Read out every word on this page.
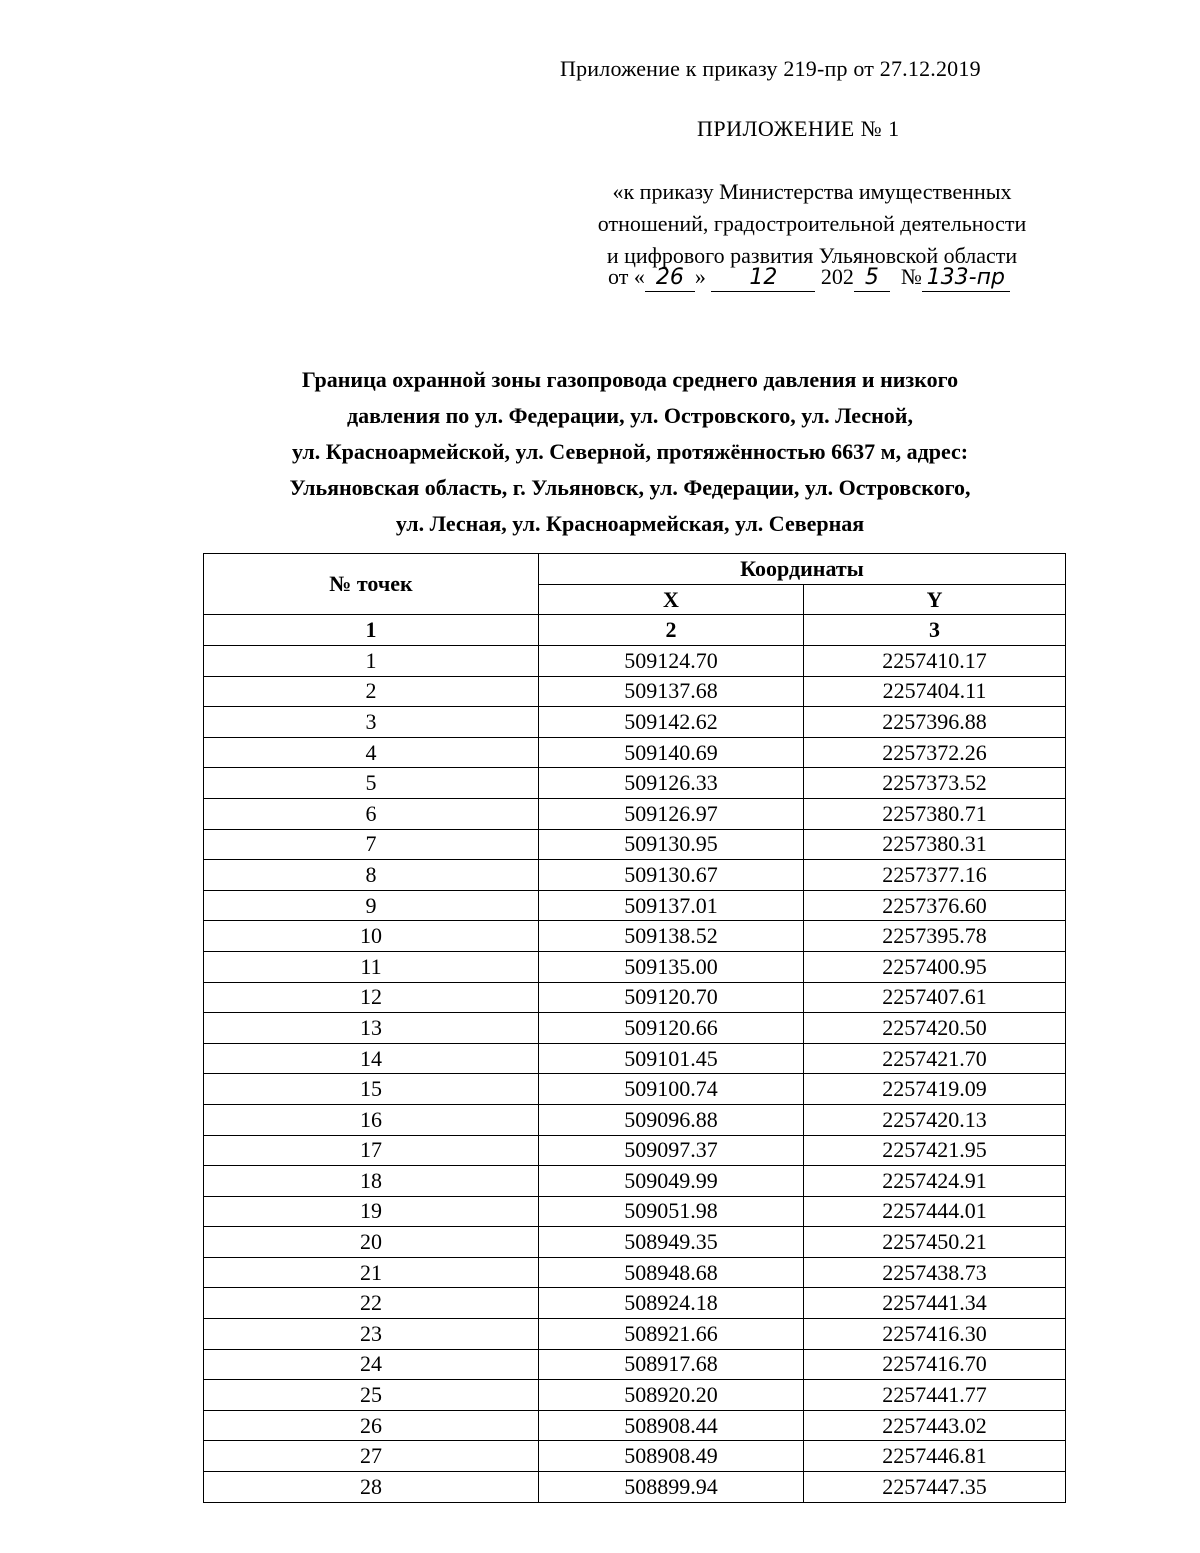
Приложение к приказу 219-пр от 27.12.2019
ПРИЛОЖЕНИЕ № 1
«к приказу Министерства имущественных
отношений, градостроительной деятельности
и цифрового развития Ульяновской области
от « 26 » 12 202 5 № 133-пр
Граница охранной зоны газопровода среднего давления и низкого
давления по ул. Федерации, ул. Островского, ул. Лесной,
ул. Красноармейской, ул. Северной, протяжённостью 6637 м, адрес:
Ульяновская область, г. Ульяновск, ул. Федерации, ул. Островского,
ул. Лесная, ул. Красноармейская, ул. Северная
№ точек	Координаты	
	X	Y
1	2	3
1	509124.70	2257410.17
2	509137.68	2257404.11
3	509142.62	2257396.88
4	509140.69	2257372.26
5	509126.33	2257373.52
6	509126.97	2257380.71
7	509130.95	2257380.31
8	509130.67	2257377.16
9	509137.01	2257376.60
10	509138.52	2257395.78
11	509135.00	2257400.95
12	509120.70	2257407.61
13	509120.66	2257420.50
14	509101.45	2257421.70
15	509100.74	2257419.09
16	509096.88	2257420.13
17	509097.37	2257421.95
18	509049.99	2257424.91
19	509051.98	2257444.01
20	508949.35	2257450.21
21	508948.68	2257438.73
22	508924.18	2257441.34
23	508921.66	2257416.30
24	508917.68	2257416.70
25	508920.20	2257441.77
26	508908.44	2257443.02
27	508908.49	2257446.81
28	508899.94	2257447.35
